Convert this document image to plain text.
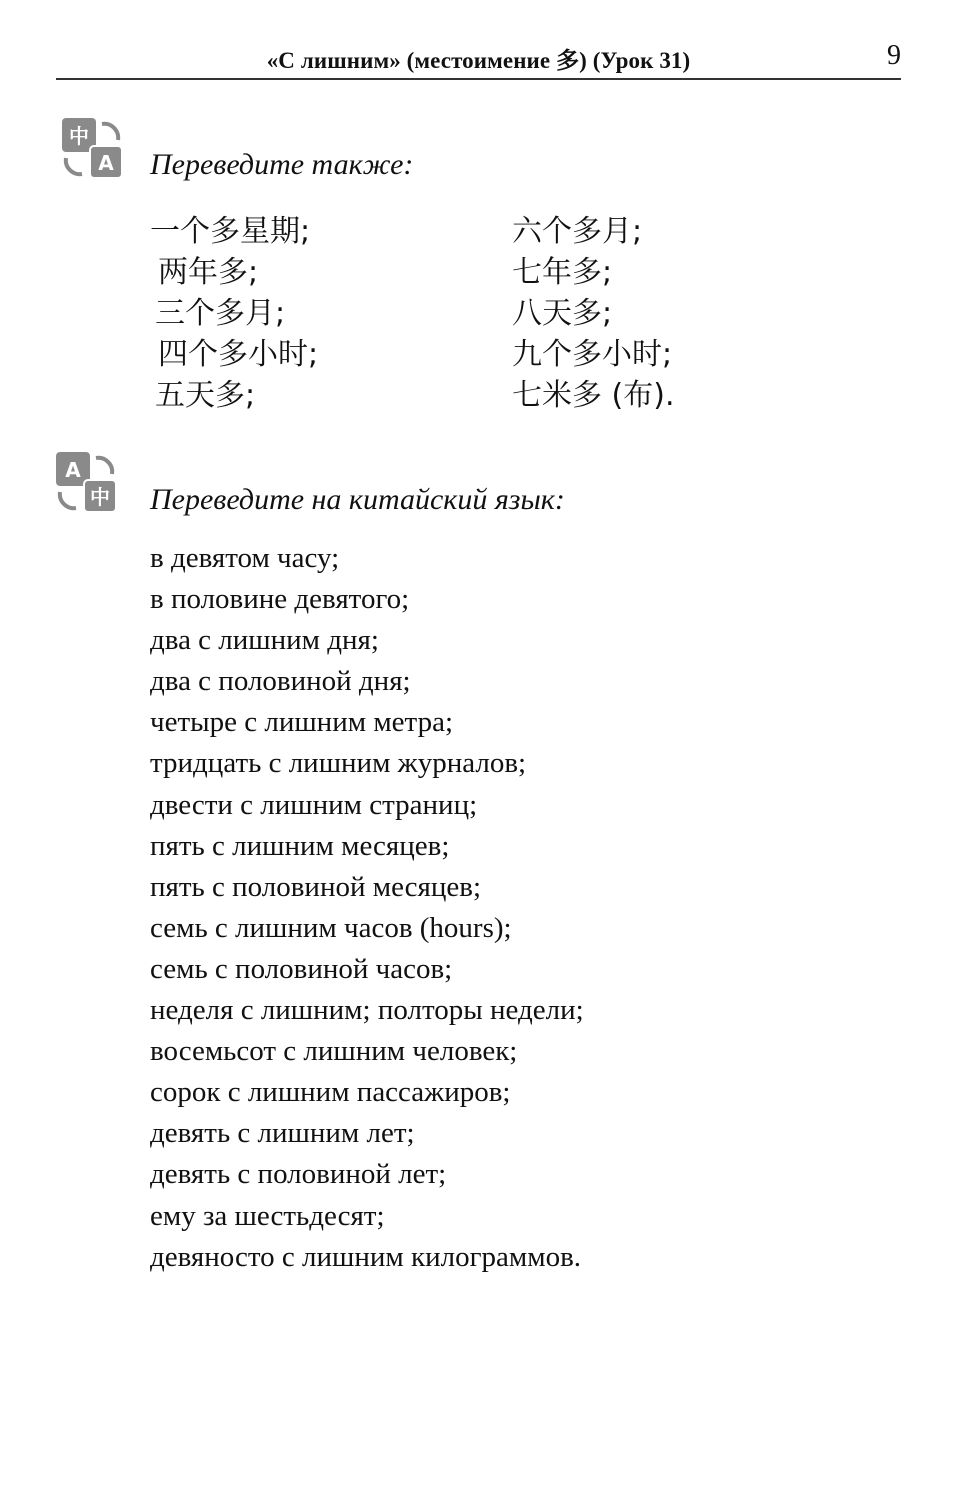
«С лишним» (местоимение 多) (Урок 31)	9
中
A Переведите также:
一个多星期;
两年多;
三个多月;
四个多小时;
五天多;
六个多月;
七年多;
八天多;
九个多小时;
七米多 (布).
A
中 Переведите на китайский язык:
в девятом часу;
в половине девятого;
два с лишним дня;
два с половиной дня;
четыре с лишним метра;
тридцать с лишним журналов;
двести с лишним страниц;
пять с лишним месяцев;
пять с половиной месяцев;
семь с лишним часов (hours);
семь с половиной часов;
неделя с лишним; полторы недели;
восемьсот с лишним человек;
сорок с лишним пассажиров;
девять с лишним лет;
девять с половиной лет;
ему за шестьдесят;
девяносто с лишним килограммов.
